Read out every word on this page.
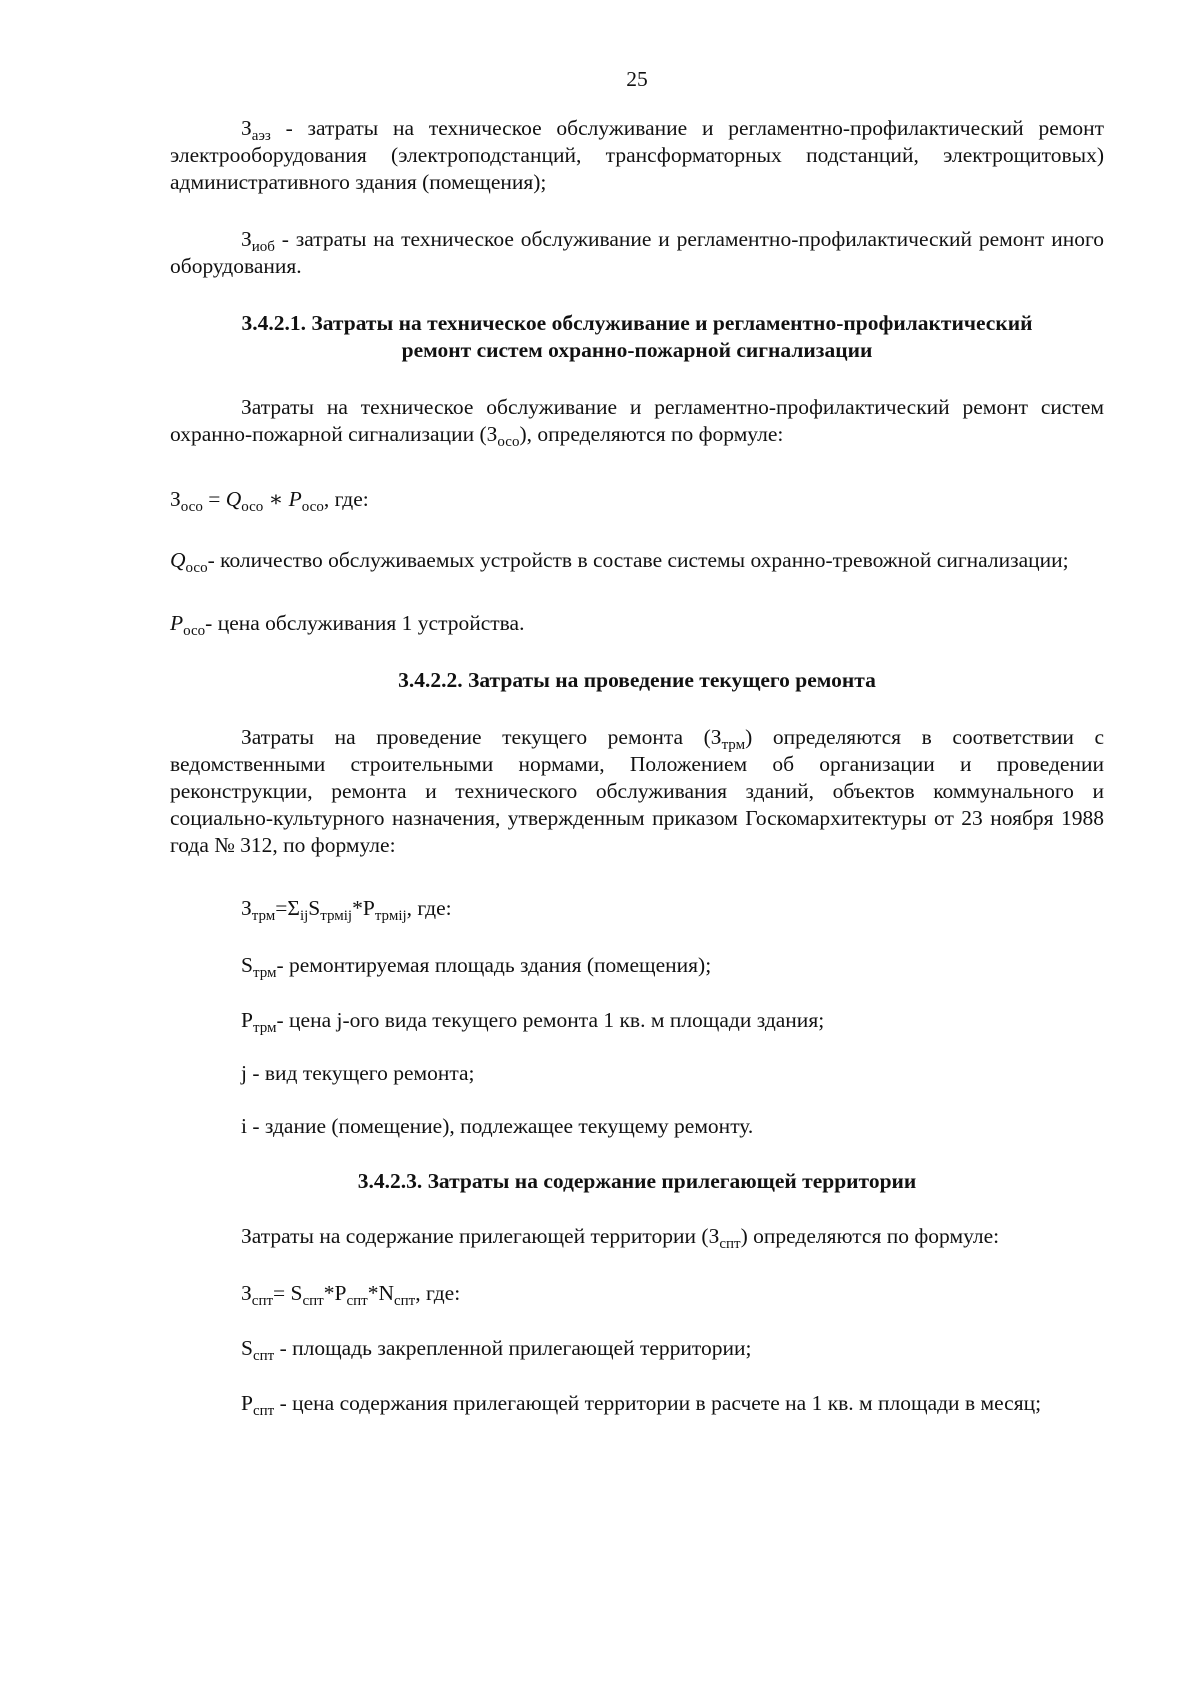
25

$З_{аэз}$ - затраты на техническое обслуживание и регламентно-профилактический ремонт электрооборудования (электроподстанций, трансформаторных подстанций, электрощитовых) административного здания (помещения);

$З_{иоб}$ - затраты на техническое обслуживание и регламентно-профилактический ремонт иного оборудования.

3.4.2.1. Затраты на техническое обслуживание и регламентно-профилактический
ремонт систем охранно-пожарной сигнализации

Затраты на техническое обслуживание и регламентно-профилактический ремонт систем охранно-пожарной сигнализации $(З_{осо})$, определяются по формуле:

$З_{осо} = Q_{осо}$ ∗ $P_{осо}$, где:

$Q_{осо}-$ количество обслуживаемых устройств в составе системы охранно-тревожной сигнализации;

$P_{осо}-$ цена обслуживания 1 устройства.

3.4.2.2. Затраты на проведение текущего ремонта

Затраты на проведение текущего ремонта $(З_{трм})$ определяются в соответствии с ведомственными строительными нормами, Положением об организации и проведении реконструкции, ремонта и технического обслуживания зданий, объектов коммунального и социально-культурного назначения, утвержденным приказом Госкомархитектуры от 23 ноября 1988 года № 312, по формуле:

$З_{трм}=\Sigma_{ij}S_{трмij}*P_{трмij}$, где:

$S_{трм}-$ ремонтируемая площадь здания (помещения);

$P_{трм}-$ цена j-ого вида текущего ремонта 1 кв. м площади здания;

j - вид текущего ремонта;

i - здание (помещение), подлежащее текущему ремонту.

3.4.2.3. Затраты на содержание прилегающей территории

Затраты на содержание прилегающей территории $(З_{спт})$ определяются по формуле:

$З_{спт}= S_{спт}*P_{спт}*N_{спт}$, где:

$S_{спт}$ - площадь закрепленной прилегающей территории;

$P_{спт}$ - цена содержания прилегающей территории в расчете на 1 кв. м площади в месяц;
